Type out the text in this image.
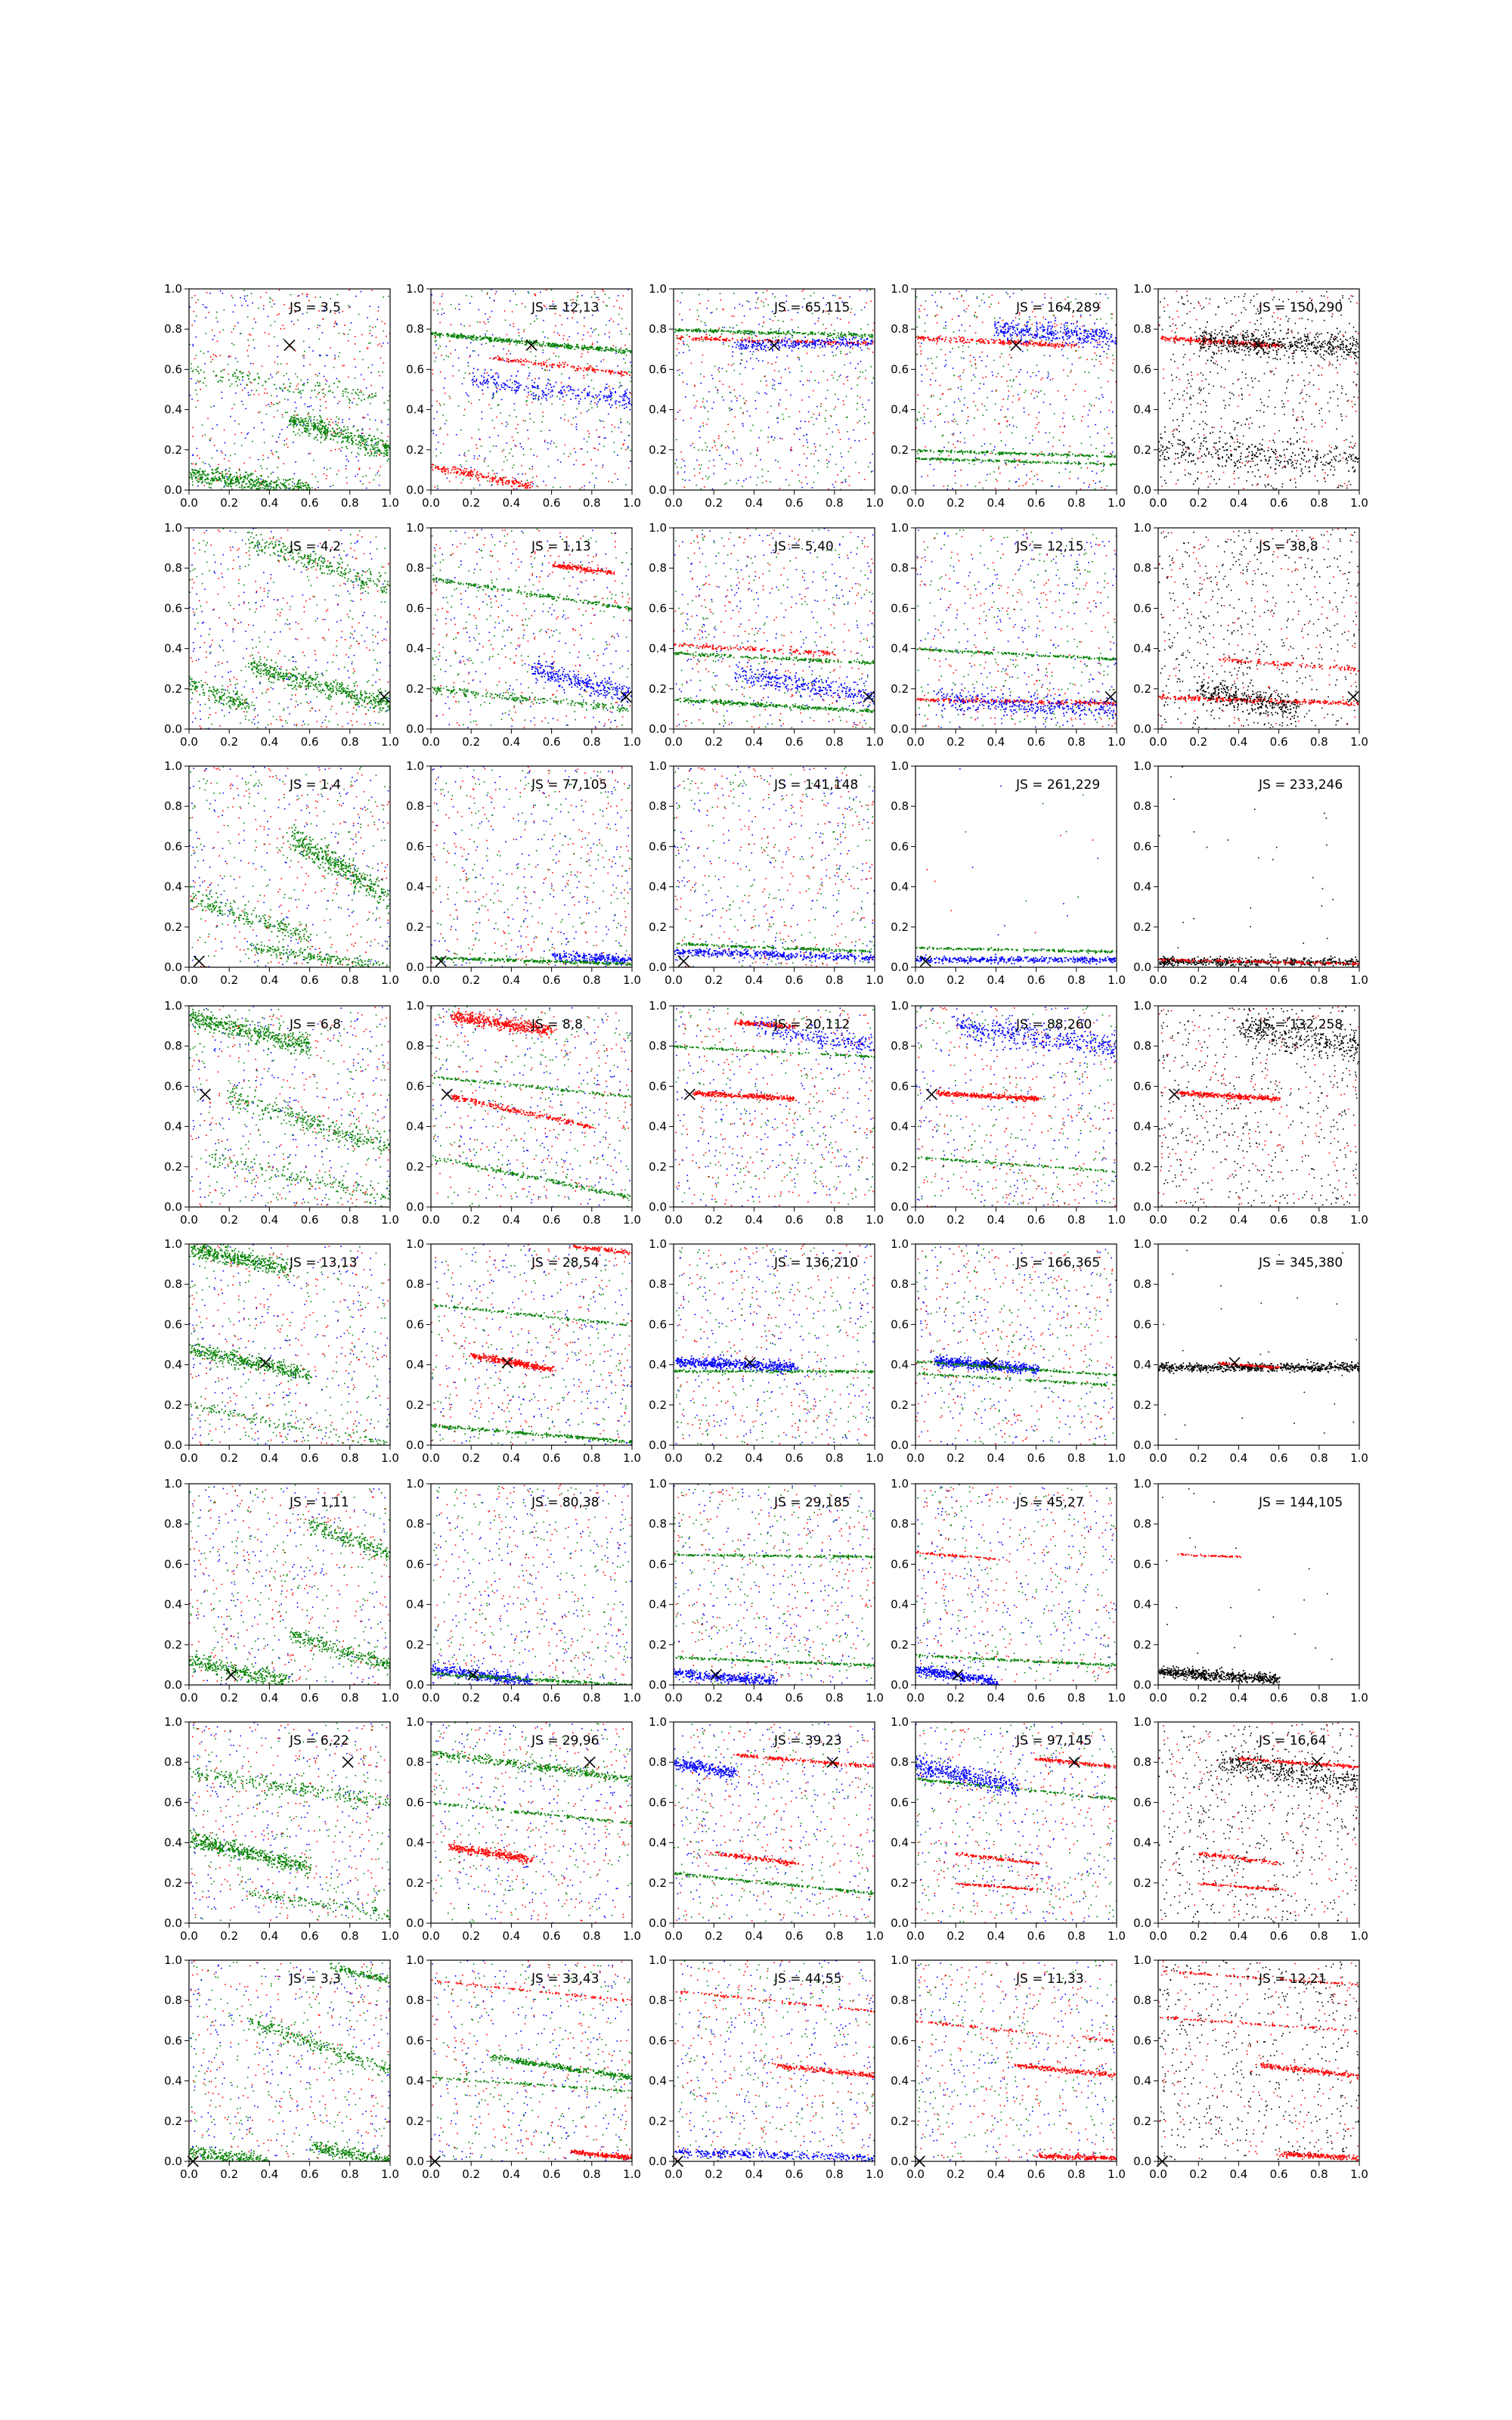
0.0 0.2 0.4 0.6 0.8 1.0
0.0
0.2
0.4
0.6
0.8
1.0
JS = 3,5
0.0 0.2 0.4 0.6 0.8 1.0
0.0
0.2
0.4
0.6
0.8
1.0
JS = 12,13
0.0 0.2 0.4 0.6 0.8 1.0
0.0
0.2
0.4
0.6
0.8
1.0
JS = 65,115
0.0 0.2 0.4 0.6 0.8 1.0
0.0
0.2
0.4
0.6
0.8
1.0
JS = 164,289
0.0 0.2 0.4 0.6 0.8 1.0
0.0
0.2
0.4
0.6
0.8
1.0
JS = 150,290
0.0 0.2 0.4 0.6 0.8 1.0
0.0
0.2
0.4
0.6
0.8
1.0
JS = 4,2
0.0 0.2 0.4 0.6 0.8 1.0
0.0
0.2
0.4
0.6
0.8
1.0
JS = 1,13
0.0 0.2 0.4 0.6 0.8 1.0
0.0
0.2
0.4
0.6
0.8
1.0
JS = 5,40
0.0 0.2 0.4 0.6 0.8 1.0
0.0
0.2
0.4
0.6
0.8
1.0
JS = 12,15
0.0 0.2 0.4 0.6 0.8 1.0
0.0
0.2
0.4
0.6
0.8
1.0
JS = 38,8
0.0 0.2 0.4 0.6 0.8 1.0
0.0
0.2
0.4
0.6
0.8
1.0
JS = 1,4
0.0 0.2 0.4 0.6 0.8 1.0
0.0
0.2
0.4
0.6
0.8
1.0
JS = 77,105
0.0 0.2 0.4 0.6 0.8 1.0
0.0
0.2
0.4
0.6
0.8
1.0
JS = 141,148
0.0 0.2 0.4 0.6 0.8 1.0
0.0
0.2
0.4
0.6
0.8
1.0
JS = 261,229
0.0 0.2 0.4 0.6 0.8 1.0
0.0
0.2
0.4
0.6
0.8
1.0
JS = 233,246
0.0 0.2 0.4 0.6 0.8 1.0
0.0
0.2
0.4
0.6
0.8
1.0
JS = 6,8
0.0 0.2 0.4 0.6 0.8 1.0
0.0
0.2
0.4
0.6
0.8
1.0
JS = 8,8
0.0 0.2 0.4 0.6 0.8 1.0
0.0
0.2
0.4
0.6
0.8
1.0
JS = 20,112
0.0 0.2 0.4 0.6 0.8 1.0
0.0
0.2
0.4
0.6
0.8
1.0
JS = 88,260
0.0 0.2 0.4 0.6 0.8 1.0
0.0
0.2
0.4
0.6
0.8
1.0
JS = 132,258
0.0 0.2 0.4 0.6 0.8 1.0
0.0
0.2
0.4
0.6
0.8
1.0
JS = 13,13
0.0 0.2 0.4 0.6 0.8 1.0
0.0
0.2
0.4
0.6
0.8
1.0
JS = 28,54
0.0 0.2 0.4 0.6 0.8 1.0
0.0
0.2
0.4
0.6
0.8
1.0
JS = 136,210
0.0 0.2 0.4 0.6 0.8 1.0
0.0
0.2
0.4
0.6
0.8
1.0
JS = 166,365
0.0 0.2 0.4 0.6 0.8 1.0
0.0
0.2
0.4
0.6
0.8
1.0
JS = 345,380
0.0 0.2 0.4 0.6 0.8 1.0
0.0
0.2
0.4
0.6
0.8
1.0
JS = 1,11
0.0 0.2 0.4 0.6 0.8 1.0
0.0
0.2
0.4
0.6
0.8
1.0
JS = 80,38
0.0 0.2 0.4 0.6 0.8 1.0
0.0
0.2
0.4
0.6
0.8
1.0
JS = 29,185
0.0 0.2 0.4 0.6 0.8 1.0
0.0
0.2
0.4
0.6
0.8
1.0
JS = 45,27
0.0 0.2 0.4 0.6 0.8 1.0
0.0
0.2
0.4
0.6
0.8
1.0
JS = 144,105
0.0 0.2 0.4 0.6 0.8 1.0
0.0
0.2
0.4
0.6
0.8
1.0
JS = 6,22
0.0 0.2 0.4 0.6 0.8 1.0
0.0
0.2
0.4
0.6
0.8
1.0
JS = 29,96
0.0 0.2 0.4 0.6 0.8 1.0
0.0
0.2
0.4
0.6
0.8
1.0
JS = 39,23
0.0 0.2 0.4 0.6 0.8 1.0
0.0
0.2
0.4
0.6
0.8
1.0
JS = 97,145
0.0 0.2 0.4 0.6 0.8 1.0
0.0
0.2
0.4
0.6
0.8
1.0
JS = 16,64
0.0 0.2 0.4 0.6 0.8 1.0
0.0
0.2
0.4
0.6
0.8
1.0
JS = 3,3
0.0 0.2 0.4 0.6 0.8 1.0
0.0
0.2
0.4
0.6
0.8
1.0
JS = 33,43
0.0 0.2 0.4 0.6 0.8 1.0
0.0
0.2
0.4
0.6
0.8
1.0
JS = 44,55
0.0 0.2 0.4 0.6 0.8 1.0
0.0
0.2
0.4
0.6
0.8
1.0
JS = 11,33
0.0 0.2 0.4 0.6 0.8 1.0
0.0
0.2
0.4
0.6
0.8
1.0
JS = 12,21
